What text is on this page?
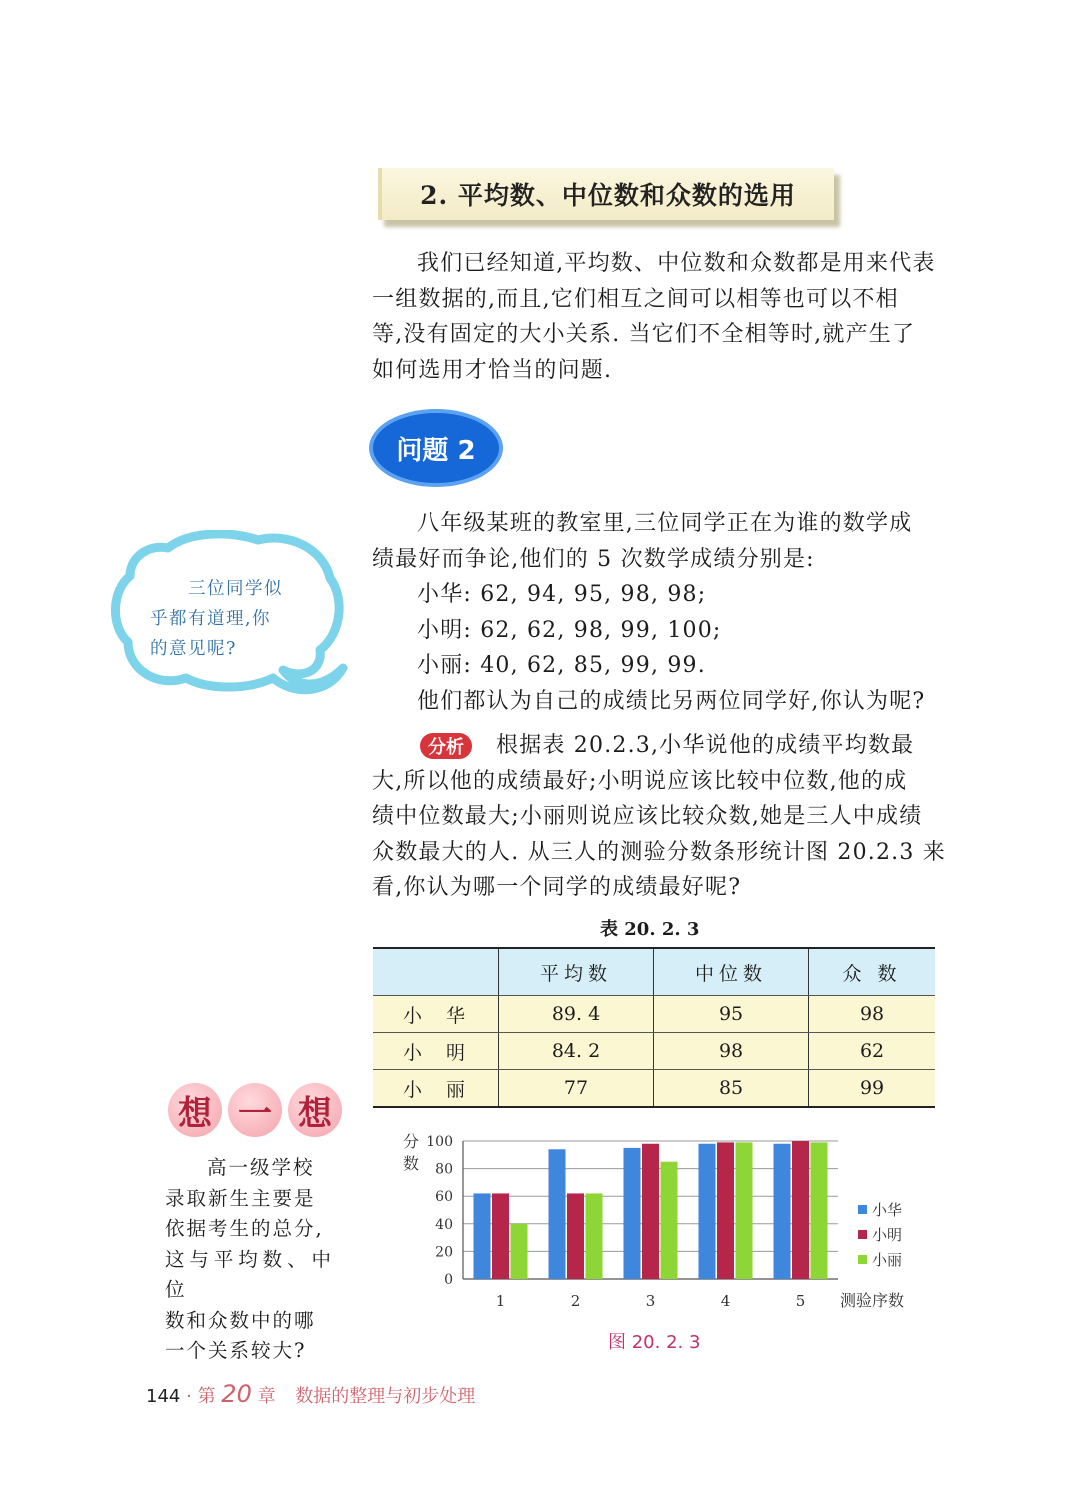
2. 平均数、中位数和众数的选用
我们已经知道,平均数、中位数和众数都是用来代表
一组数据的,而且,它们相互之间可以相等也可以不相
等,没有固定的大小关系. 当它们不全相等时,就产生了
如何选用才恰当的问题.
问题 2
八年级某班的教室里,三位同学正在为谁的数学成
绩最好而争论,他们的 5 次数学成绩分别是:
小华: 62, 94, 95, 98, 98;
小明: 62, 62, 98, 99, 100;
小丽: 40, 62, 85, 99, 99.
他们都认为自己的成绩比另两位同学好,你认为呢?
三位同学似
乎都有道理,你
的意见呢?
分析	根据表 20.2.3,小华说他的成绩平均数最
大,所以他的成绩最好;小明说应该比较中位数,他的成
绩中位数最大;小丽则说应该比较众数,她是三人中成绩
众数最大的人. 从三人的测验分数条形统计图 20.2.3 来
看,你认为哪一个同学的成绩最好呢?
表 20. 2. 3
	平均数	中位数	众 数
小华	89. 4	95	98
小明	84. 2	98	62
小丽	77	85	99
想 一 想
高一级学校
录取新生主要是
依据考生的总分,
这与平均数、中位
数和众数中的哪
一个关系较大?
0
20
40
60
80
100
分
数
1	2	3	4	5 测验序数
小华
小明
小丽
图 20. 2. 3
144 · 第 20 章 数据的整理与初步处理
